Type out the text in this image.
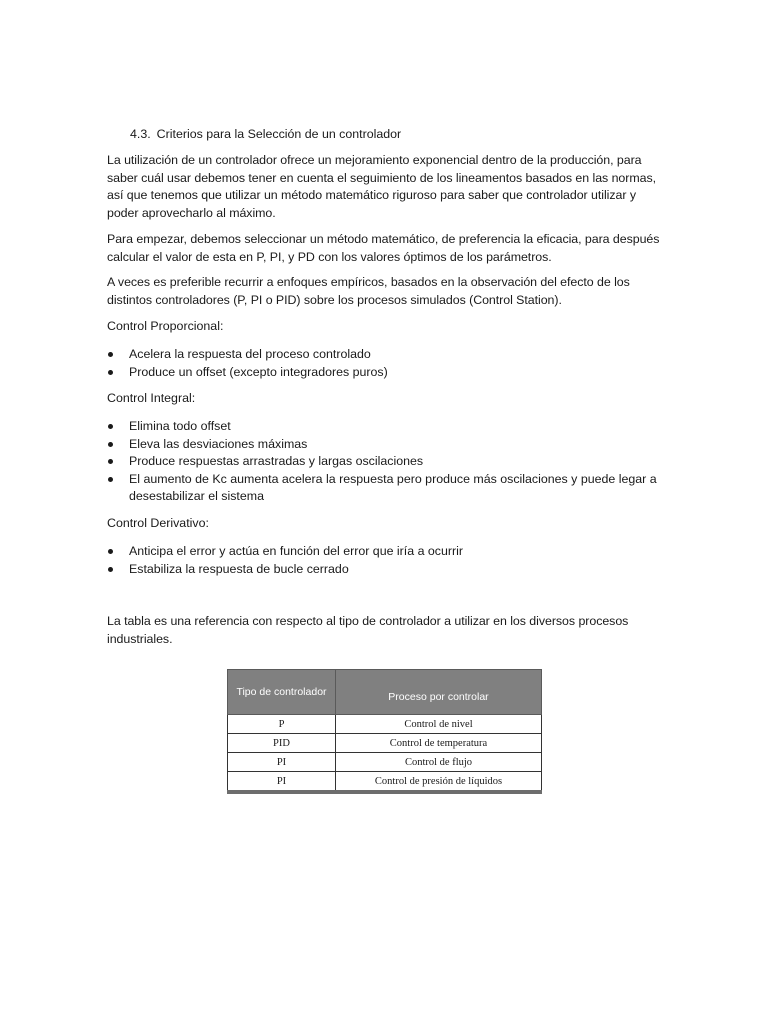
4.3. Criterios para la Selección de un controlador

La utilización de un controlador ofrece un mejoramiento exponencial dentro de la producción, para saber cuál usar debemos tener en cuenta el seguimiento de los lineamentos basados en las normas, así que tenemos que utilizar un método matemático riguroso para saber que controlador utilizar y poder aprovecharlo al máximo.

Para empezar, debemos seleccionar un método matemático, de preferencia la eficacia, para después calcular el valor de esta en P, PI, y PD con los valores óptimos de los parámetros.

A veces es preferible recurrir a enfoques empíricos, basados en la observación del efecto de los distintos controladores (P, PI o PID) sobre los procesos simulados (Control Station).

Control Proporcional:

Acelera la respuesta del proceso controlado
Produce un offset (excepto integradores puros)

Control Integral:

Elimina todo offset
Eleva las desviaciones máximas
Produce respuestas arrastradas y largas oscilaciones
El aumento de Kc aumenta acelera la respuesta pero produce más oscilaciones y puede legar a desestabilizar el sistema

Control Derivativo:

Anticipa el error y actúa en función del error que iría a ocurrir
Estabiliza la respuesta de bucle cerrado

La tabla es una referencia con respecto al tipo de controlador a utilizar en los diversos procesos industriales.

Tipo de controlador	Proceso por controlar
P	Control de nivel
PID	Control de temperatura
PI	Control de flujo
PI	Control de presión de líquidos
